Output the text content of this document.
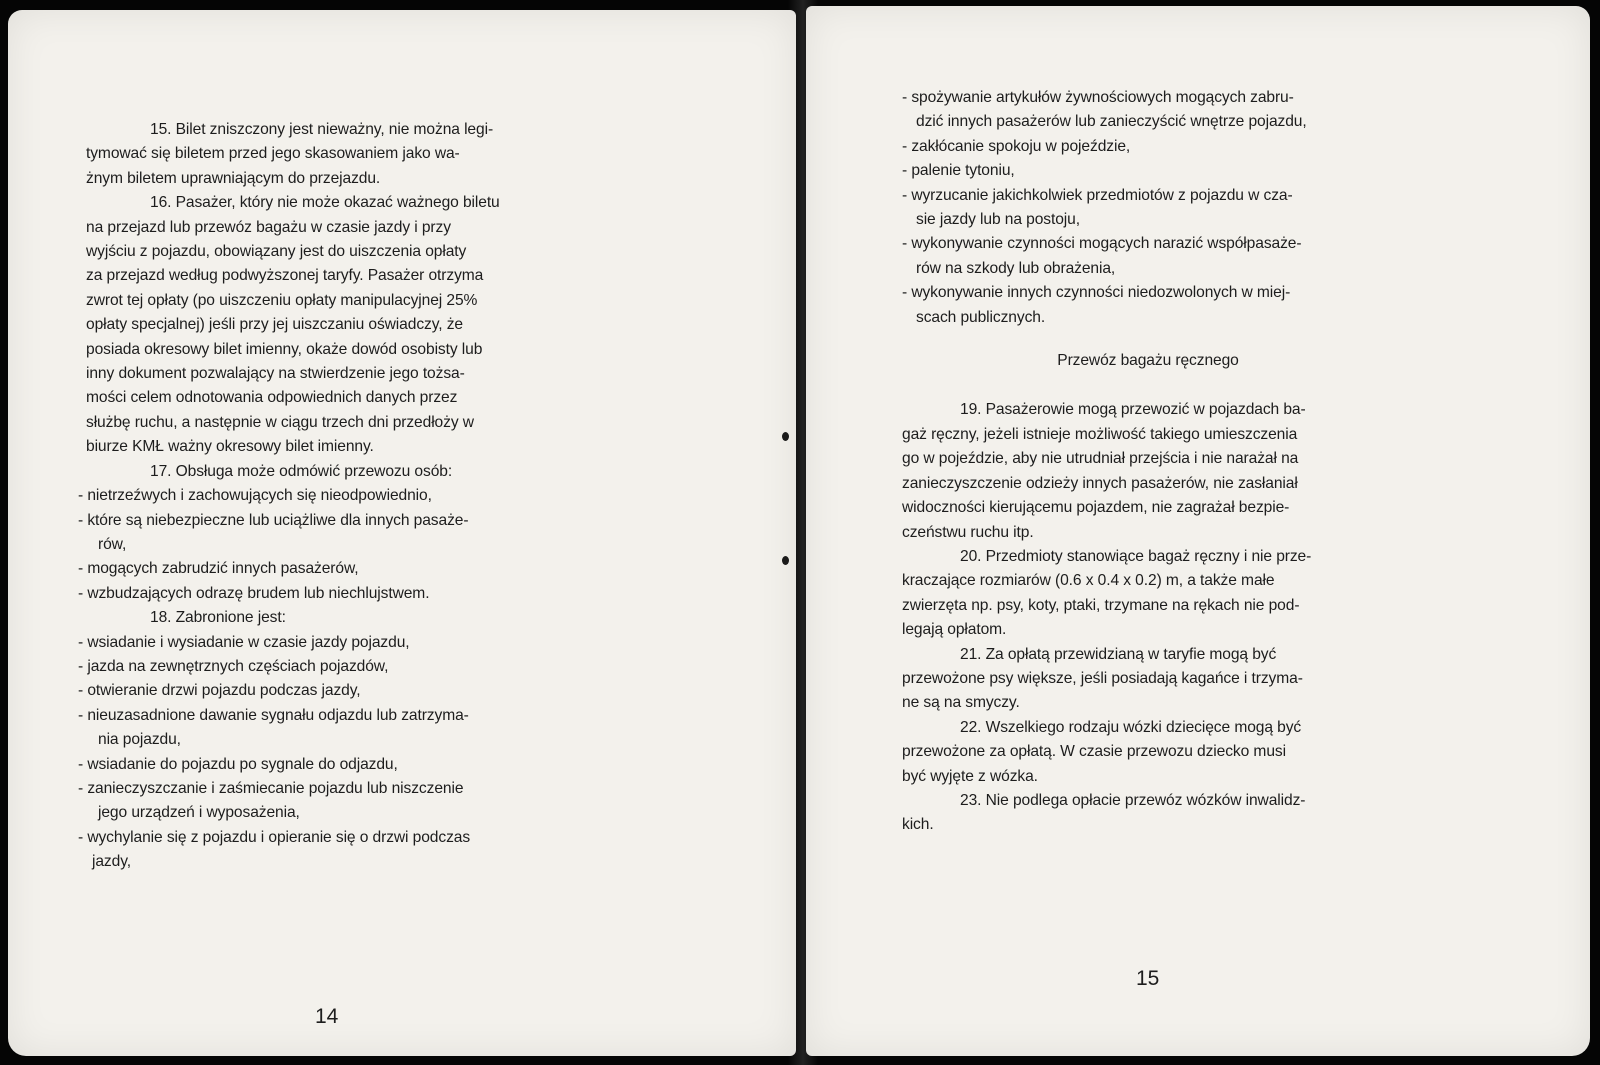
15. Bilet zniszczony jest nieważny, nie można legi-
tymować się biletem przed jego skasowaniem jako wa-
żnym biletem uprawniającym do przejazdu.
16. Pasażer, który nie może okazać ważnego biletu
na przejazd lub przewóz bagażu w czasie jazdy i przy
wyjściu z pojazdu, obowiązany jest do uiszczenia opłaty
za przejazd według podwyższonej taryfy. Pasażer otrzyma
zwrot tej opłaty (po uiszczeniu opłaty manipulacyjnej 25%
opłaty specjalnej) jeśli przy jej uiszczaniu oświadczy, że
posiada okresowy bilet imienny, okaże dowód osobisty lub
inny dokument pozwalający na stwierdzenie jego tożsa-
mości celem odnotowania odpowiednich danych przez
służbę ruchu, a następnie w ciągu trzech dni przedłoży w
biurze KMŁ ważny okresowy bilet imienny.
17. Obsługa może odmówić przewozu osób:
- nietrzeźwych i zachowujących się nieodpowiednio,
- które są niebezpieczne lub uciążliwe dla innych pasaże-
rów,
- mogących zabrudzić innych pasażerów,
- wzbudzających odrazę brudem lub niechlujstwem.
18. Zabronione jest:
- wsiadanie i wysiadanie w czasie jazdy pojazdu,
- jazda na zewnętrznych częściach pojazdów,
- otwieranie drzwi pojazdu podczas jazdy,
- nieuzasadnione dawanie sygnału odjazdu lub zatrzyma-
nia pojazdu,
- wsiadanie do pojazdu po sygnale do odjazdu,
- zanieczyszczanie i zaśmiecanie pojazdu lub niszczenie
jego urządzeń i wyposażenia,
- wychylanie się z pojazdu i opieranie się o drzwi podczas
jazdy,
14
- spożywanie artykułów żywnościowych mogących zabru-
dzić innych pasażerów lub zanieczyścić wnętrze pojazdu,
- zakłócanie spokoju w pojeździe,
- palenie tytoniu,
- wyrzucanie jakichkolwiek przedmiotów z pojazdu w cza-
sie jazdy lub na postoju,
- wykonywanie czynności mogących narazić współpasaże-
rów na szkody lub obrażenia,
- wykonywanie innych czynności niedozwolonych w miej-
scach publicznych.
Przewóz bagażu ręcznego
19. Pasażerowie mogą przewozić w pojazdach ba-
gaż ręczny, jeżeli istnieje możliwość takiego umieszczenia
go w pojeździe, aby nie utrudniał przejścia i nie narażał na
zanieczyszczenie odzieży innych pasażerów, nie zasłaniał
widoczności kierującemu pojazdem, nie zagrażał bezpie-
czeństwu ruchu itp.
20. Przedmioty stanowiące bagaż ręczny i nie prze-
kraczające rozmiarów (0.6 x 0.4 x 0.2) m, a także małe
zwierzęta np. psy, koty, ptaki, trzymane na rękach nie pod-
legają opłatom.
21. Za opłatą przewidzianą w taryfie mogą być
przewożone psy większe, jeśli posiadają kagańce i trzyma-
ne są na smyczy.
22. Wszelkiego rodzaju wózki dziecięce mogą być
przewożone za opłatą. W czasie przewozu dziecko musi
być wyjęte z wózka.
23. Nie podlega opłacie przewóz wózków inwalidz-
kich.
15
